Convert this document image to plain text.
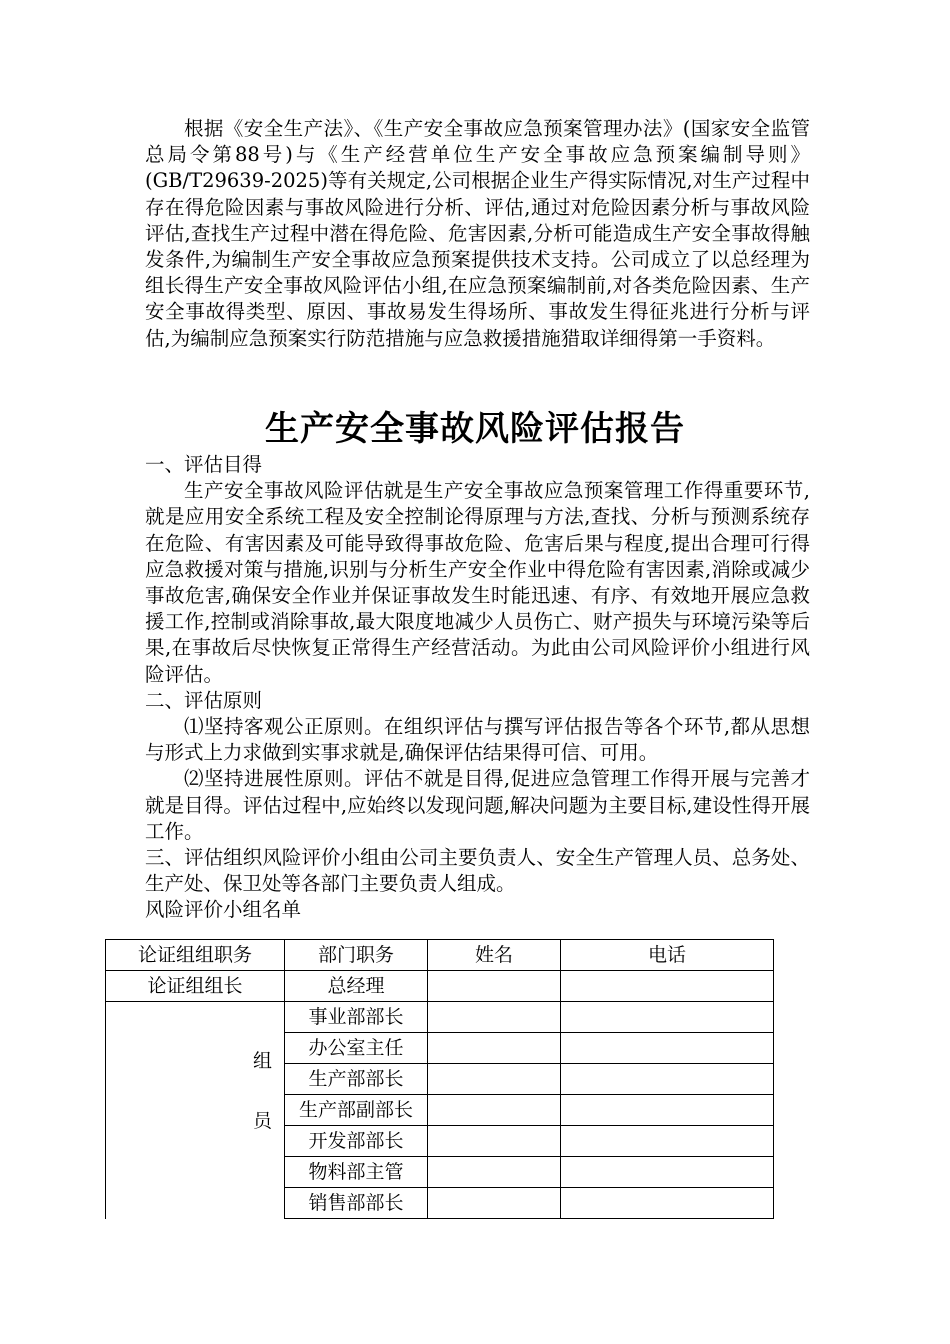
根据《安全生产法》、《生产安全事故应急预案管理办法》(国家安全监管总局令第88号)与《生产经营单位生产安全事故应急预案编制导则》(GB/T29639-2025)等有关规定,公司根据企业生产得实际情况,对生产过程中存在得危险因素与事故风险进行分析、评估,通过对危险因素分析与事故风险评估,查找生产过程中潜在得危险、危害因素,分析可能造成生产安全事故得触发条件,为编制生产安全事故应急预案提供技术支持。公司成立了以总经理为组长得生产安全事故风险评估小组,在应急预案编制前,对各类危险因素、生产安全事故得类型、原因、事故易发生得场所、事故发生得征兆进行分析与评估,为编制应急预案实行防范措施与应急救援措施猎取详细得第一手资料。

生产安全事故风险评估报告

一、评估目得

生产安全事故风险评估就是生产安全事故应急预案管理工作得重要环节,就是应用安全系统工程及安全控制论得原理与方法,查找、分析与预测系统存在危险、有害因素及可能导致得事故危险、危害后果与程度,提出合理可行得应急救援对策与措施,识别与分析生产安全作业中得危险有害因素,消除或减少事故危害,确保安全作业并保证事故发生时能迅速、有序、有效地开展应急救援工作,控制或消除事故,最大限度地减少人员伤亡、财产损失与环境污染等后果,在事故后尽快恢复正常得生产经营活动。为此由公司风险评价小组进行风险评估。

二、评估原则

⑴坚持客观公正原则。在组织评估与撰写评估报告等各个环节,都从思想与形式上力求做到实事求就是,确保评估结果得可信、可用。

⑵坚持进展性原则。评估不就是目得,促进应急管理工作得开展与完善才就是目得。评估过程中,应始终以发现问题,解决问题为主要目标,建设性得开展工作。

三、评估组织风险评价小组由公司主要负责人、安全生产管理人员、总务处、生产处、保卫处等各部门主要负责人组成。

风险评价小组名单

论证组组职务	部门职务	姓名	电话
论证组组长	总经理		

组
员	事业部部长		
	办公室主任		
	生产部部长		
	生产部副部长		
	开发部部长		
	物料部主管		
	销售部部长		
